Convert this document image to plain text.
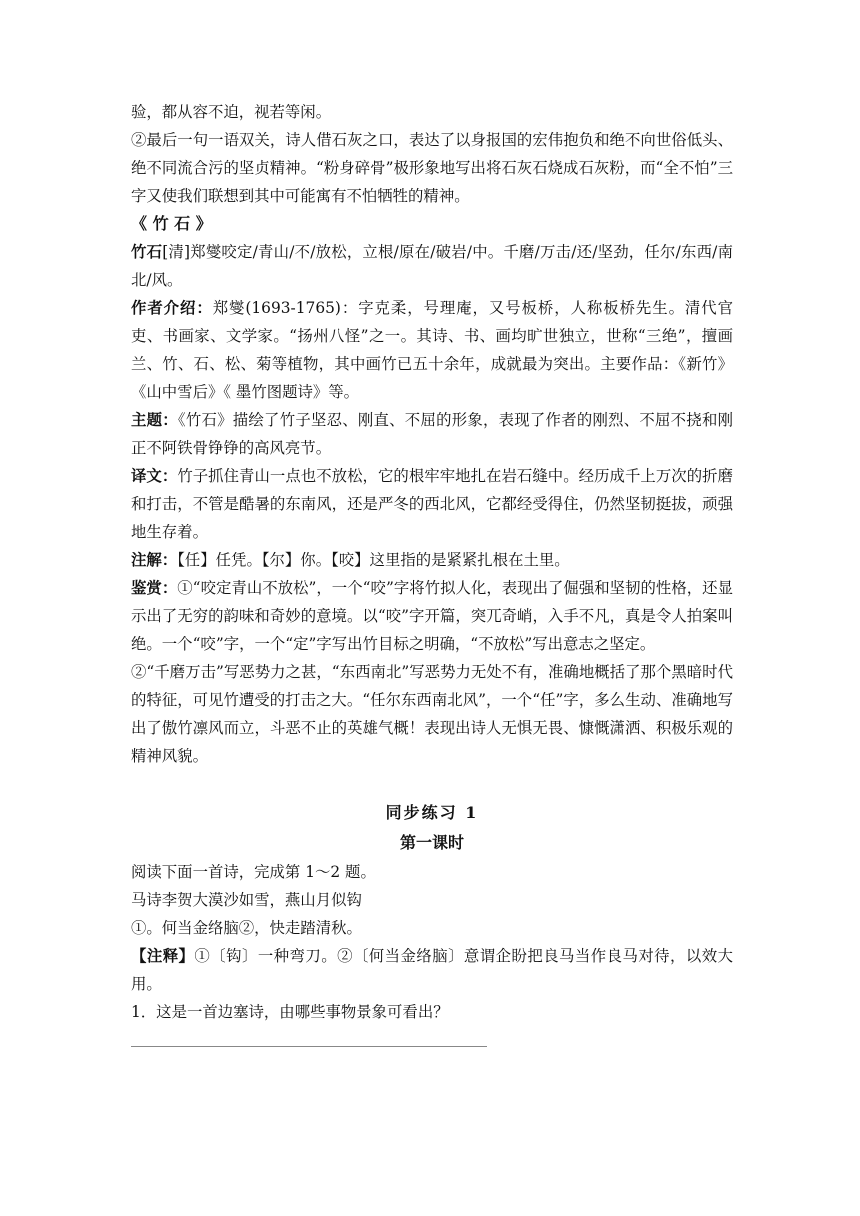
验，都从容不迫，视若等闲。

②最后一句一语双关，诗人借石灰之口，表达了以身报国的宏伟抱负和绝不向世俗低头、绝不同流合污的坚贞精神。“粉身碎骨”极形象地写出将石灰石烧成石灰粉，而“全不怕”三字又使我们联想到其中可能寓有不怕牺牲的精神。

《 竹 石 》

竹石[清]郑燮咬定/青山/不/放松，立根/原在/破岩/中。千磨/万击/还/坚劲，任尔/东西/南北/风。

作者介绍：郑燮(1693-1765)：字克柔，号理庵，又号板桥，人称板桥先生。清代官吏、书画家、文学家。“扬州八怪”之一。其诗、书、画均旷世独立，世称“三绝”，擅画兰、竹、石、松、菊等植物，其中画竹已五十余年，成就最为突出。主要作品：《新竹》《山中雪后》《 墨竹图题诗》等。

主题：《竹石》描绘了竹子坚忍、刚直、不屈的形象，表现了作者的刚烈、不屈不挠和刚正不阿铁骨铮铮的高风亮节。

译文：竹子抓住青山一点也不放松，它的根牢牢地扎在岩石缝中。经历成千上万次的折磨和打击，不管是酷暑的东南风，还是严冬的西北风，它都经受得住，仍然坚韧挺拔，顽强地生存着。

注解：【任】任凭。【尔】你。【咬】这里指的是紧紧扎根在土里。

鉴赏：①“咬定青山不放松”，一个“咬”字将竹拟人化，表现出了倔强和坚韧的性格，还显示出了无穷的韵味和奇妙的意境。以“咬”字开篇，突兀奇峭，入手不凡，真是令人拍案叫绝。一个“咬”字，一个“定”字写出竹目标之明确，“不放松”写出意志之坚定。

②“千磨万击”写恶势力之甚，“东西南北”写恶势力无处不有，准确地概括了那个黑暗时代的特征，可见竹遭受的打击之大。“任尔东西南北风”，一个“任”字，多么生动、准确地写出了傲竹凛风而立，斗恶不止的英雄气概！表现出诗人无惧无畏、慷慨潇洒、积极乐观的精神风貌。

同步练习 1

第一课时

阅读下面一首诗，完成第 1～2 题。

马诗李贺大漠沙如雪，燕山月似钩

①。何当金络脑②，快走踏清秋。

【注释】①〔钩〕一种弯刀。②〔何当金络脑〕意谓企盼把良马当作良马对待，以效大用。

1．这是一首边塞诗，由哪些事物景象可看出？
